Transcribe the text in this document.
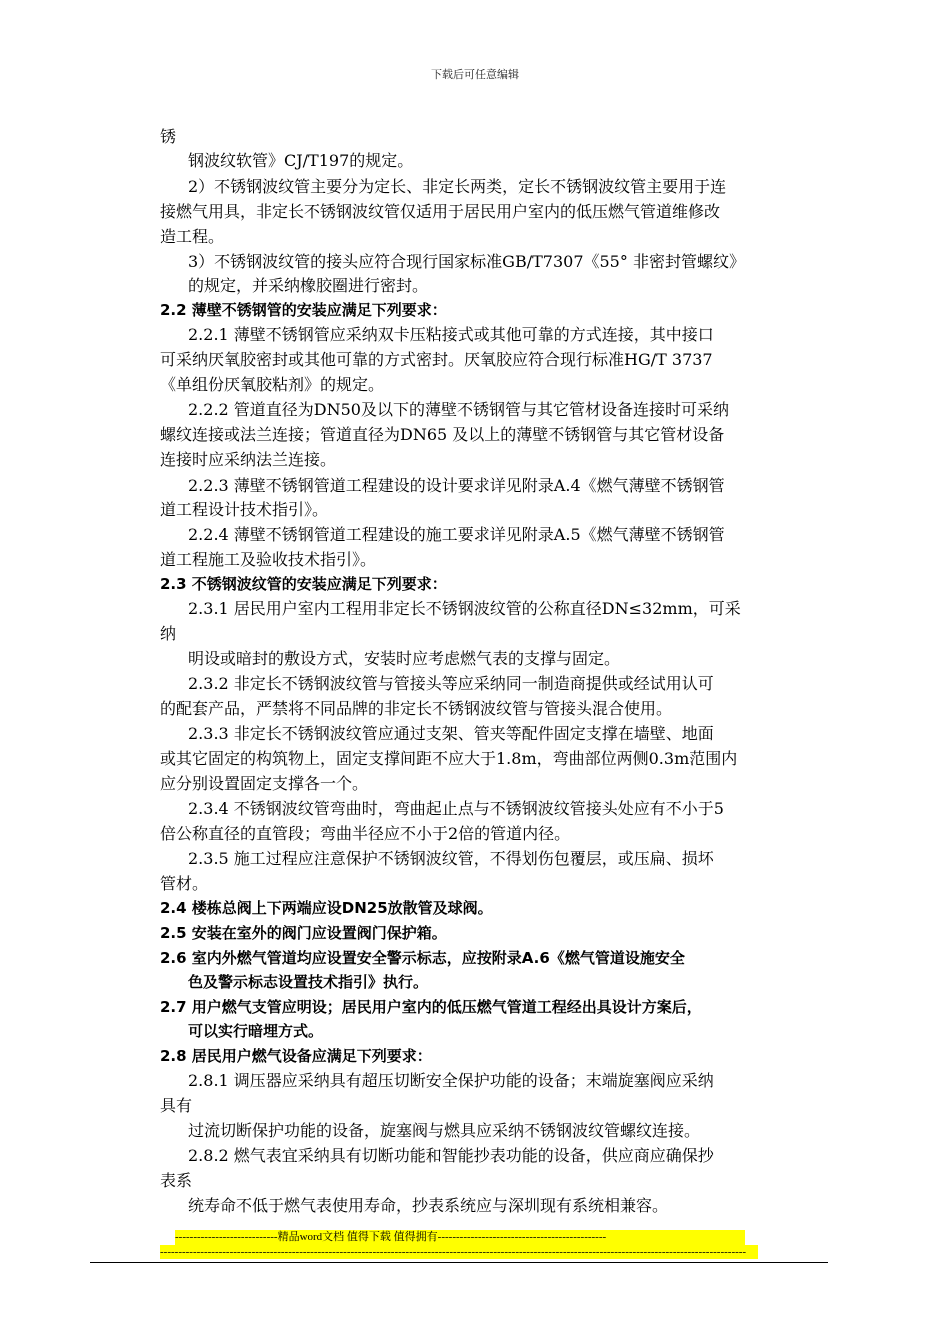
下载后可任意编辑
锈
钢波纹软管》CJ/T197的规定。
2）不锈钢波纹管主要分为定长、非定长两类，定长不锈钢波纹管主要用于连
接燃气用具，非定长不锈钢波纹管仅适用于居民用户室内的低压燃气管道维修改
造工程。
3）不锈钢波纹管的接头应符合现行国家标准GB/T7307《55° 非密封管螺纹》
的规定，并采纳橡胶圈进行密封。
2.2 薄壁不锈钢管的安装应满足下列要求：
2.2.1 薄壁不锈钢管应采纳双卡压粘接式或其他可靠的方式连接，其中接口
可采纳厌氧胶密封或其他可靠的方式密封。厌氧胶应符合现行标准HG/T 3737
《单组份厌氧胶粘剂》的规定。
2.2.2 管道直径为DN50及以下的薄壁不锈钢管与其它管材设备连接时可采纳
螺纹连接或法兰连接；管道直径为DN65 及以上的薄壁不锈钢管与其它管材设备
连接时应采纳法兰连接。
2.2.3 薄壁不锈钢管道工程建设的设计要求详见附录A.4《燃气薄壁不锈钢管
道工程设计技术指引》。
2.2.4 薄壁不锈钢管道工程建设的施工要求详见附录A.5《燃气薄壁不锈钢管
道工程施工及验收技术指引》。
2.3 不锈钢波纹管的安装应满足下列要求：
2.3.1 居民用户室内工程用非定长不锈钢波纹管的公称直径DN≤32mm，可采
纳
明设或暗封的敷设方式，安装时应考虑燃气表的支撑与固定。
2.3.2 非定长不锈钢波纹管与管接头等应采纳同一制造商提供或经试用认可
的配套产品，严禁将不同品牌的非定长不锈钢波纹管与管接头混合使用。
2.3.3 非定长不锈钢波纹管应通过支架、管夹等配件固定支撑在墙壁、地面
或其它固定的构筑物上，固定支撑间距不应大于1.8m，弯曲部位两侧0.3m范围内
应分别设置固定支撑各一个。
2.3.4 不锈钢波纹管弯曲时，弯曲起止点与不锈钢波纹管接头处应有不小于5
倍公称直径的直管段；弯曲半径应不小于2倍的管道内径。
2.3.5 施工过程应注意保护不锈钢波纹管，不得划伤包覆层，或压扁、损坏
管材。
2.4 楼栋总阀上下两端应设DN25放散管及球阀。
2.5 安装在室外的阀门应设置阀门保护箱。
2.6 室内外燃气管道均应设置安全警示标志，应按附录A.6《燃气管道设施安全
色及警示标志设置技术指引》执行。
2.7 用户燃气支管应明设；居民用户室内的低压燃气管道工程经出具设计方案后，
可以实行暗埋方式。
2.8 居民用户燃气设备应满足下列要求：
2.8.1 调压器应采纳具有超压切断安全保护功能的设备；末端旋塞阀应采纳
具有
过流切断保护功能的设备，旋塞阀与燃具应采纳不锈钢波纹管螺纹连接。
2.8.2 燃气表宜采纳具有切断功能和智能抄表功能的设备，供应商应确保抄
表系
统寿命不低于燃气表使用寿命，抄表系统应与深圳现有系统相兼容。
----------------------------精品word文档 值得下载 值得拥有----------------------------------------------
----------------------------------------------------------------------------------------------------------------------------------------------------------------
